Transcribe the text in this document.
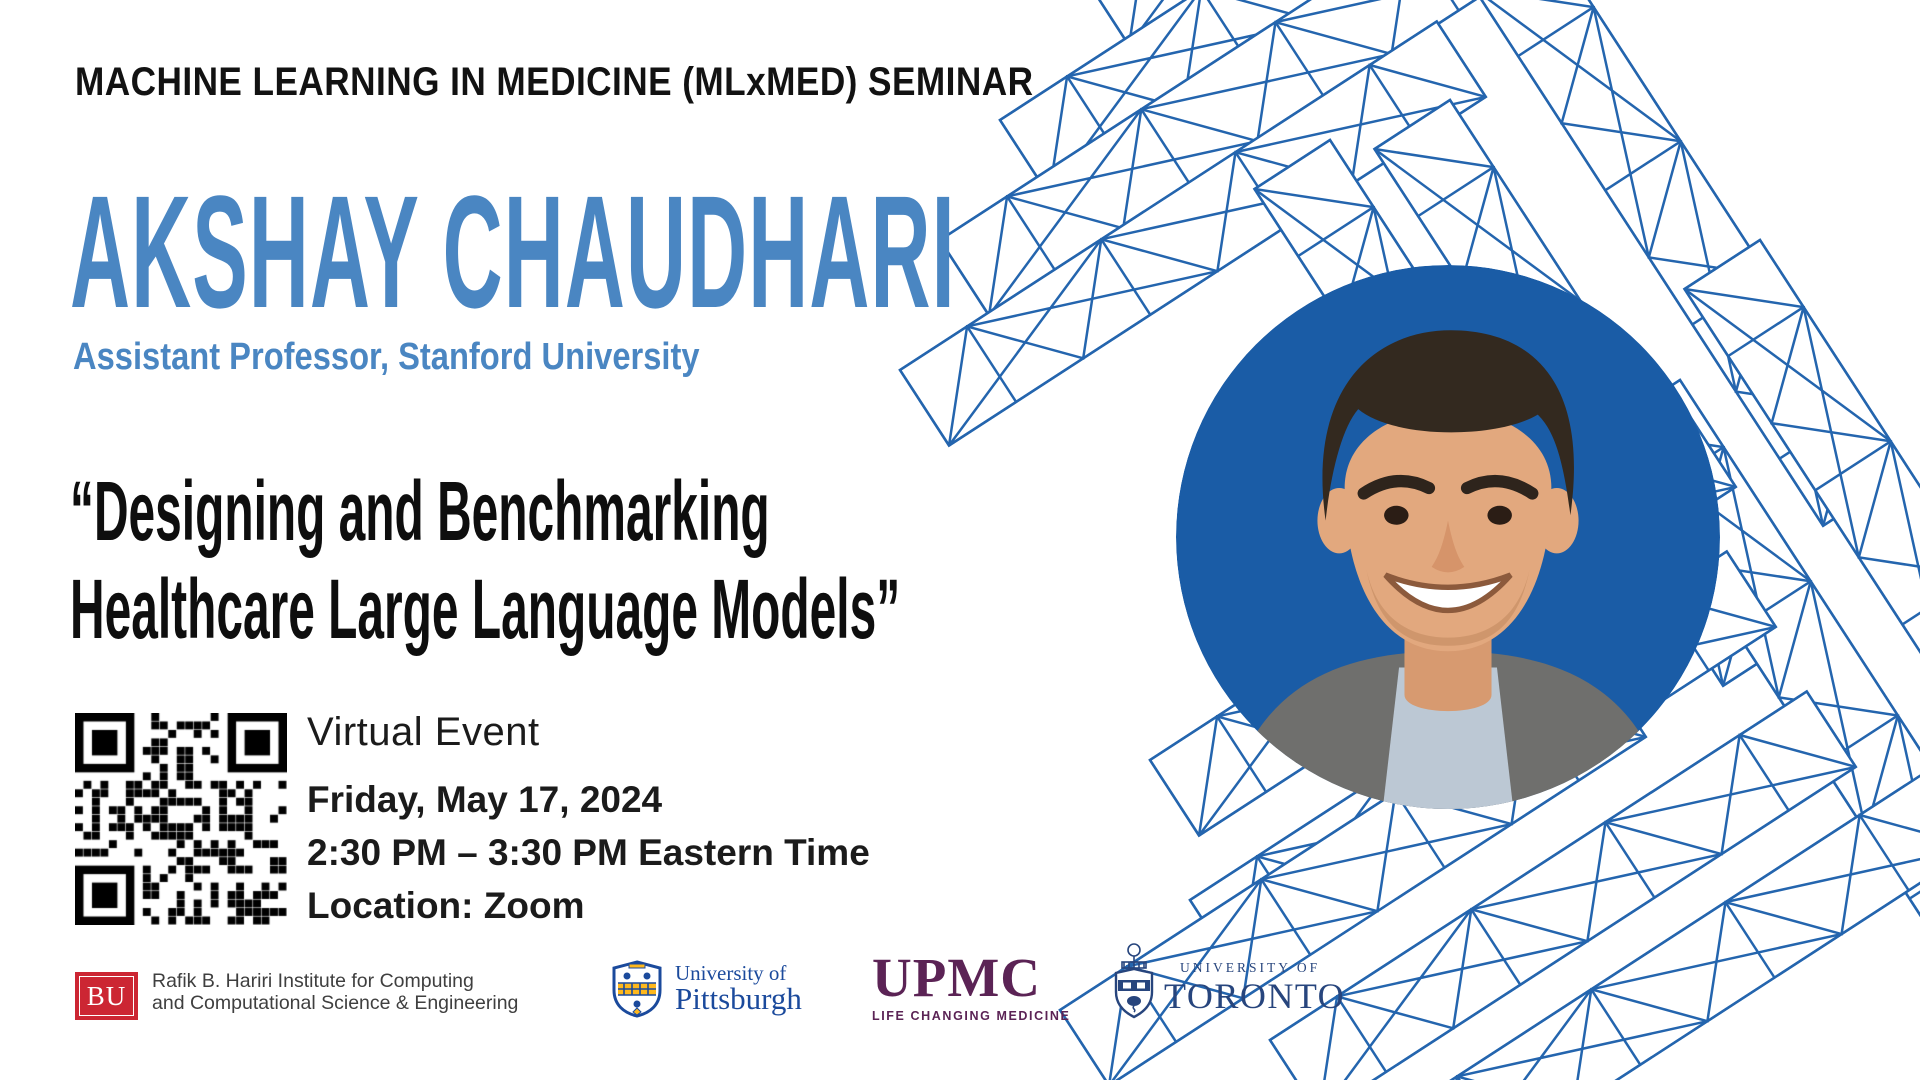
MACHINE LEARNING IN MEDICINE (MLxMED) SEMINAR
AKSHAY CHAUDHARI
Assistant Professor, Stanford University
“Designing and Benchmarking
Healthcare Large Language Models”
Virtual Event
Friday, May 17, 2024
2:30 PM – 3:30 PM Eastern Time
Location: Zoom
BU Rafik B. Hariri Institute for Computing
and Computational Science & Engineering
University of
Pittsburgh UPMC
LIFE CHANGING MEDICINE
UNIVERSITY OF
TORONTO
